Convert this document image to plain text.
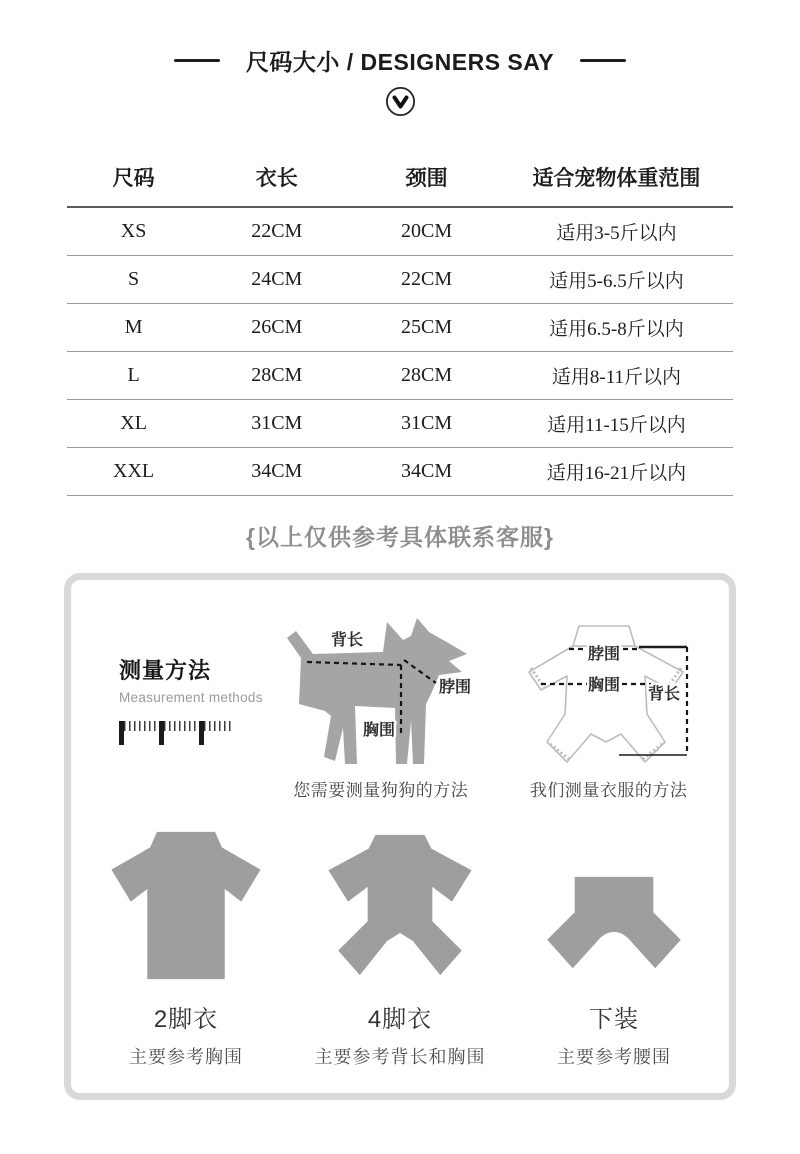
尺码大小 / DESIGNERS SAY
尺码	衣长	颈围	适合宠物体重范围
XS	22CM	20CM	适用3-5斤以内
S	24CM	22CM	适用5-6.5斤以内
M	26CM	25CM	适用6.5-8斤以内
L	28CM	28CM	适用8-11斤以内
XL	31CM	31CM	适用11-15斤以内
XXL	34CM	34CM	适用16-21斤以内
{以上仅供参考具体联系客服}
测量方法
Measurement methods
背长
脖围
胸围
您需要测量狗狗的方法
脖围
胸围
背长
我们测量衣服的方法
2脚衣
主要参考胸围
4脚衣
主要参考背长和胸围
下装
主要参考腰围
